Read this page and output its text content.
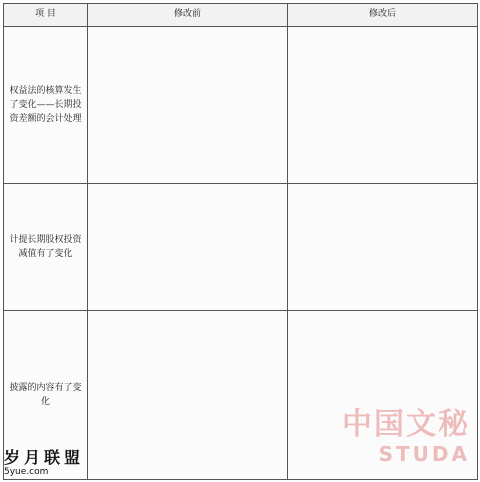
项 目	修改前	修改后
权益法的核算发生了变化——长期投资差额的会计处理		
计提长期股权投资减值有了变化		
披露的内容有了变化		
中国文秘
STUDA
岁月联盟
5yue.com
